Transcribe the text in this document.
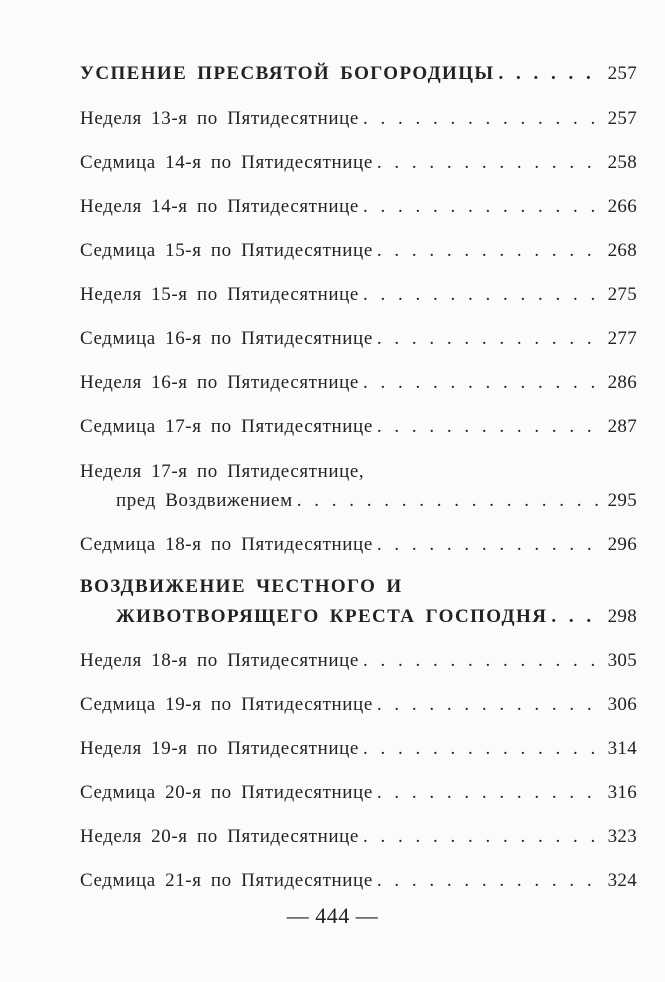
УСПЕНИЕ ПРЕСВЯТОЙ БОГОРОДИЦЫ . . .	257
Неделя 13-я по Пятидесятнице . . .	257
Седмица 14-я по Пятидесятнице . . .	258
Неделя 14-я по Пятидесятнице . . .	266
Седмица 15-я по Пятидесятнице . . .	268
Неделя 15-я по Пятидесятнице . . .	275
Седмица 16-я по Пятидесятнице . . .	277
Неделя 16-я по Пятидесятнице . . .	286
Седмица 17-я по Пятидесятнице . . .	287
Неделя 17-я по Пятидесятнице,
пред Воздвижением . . .	295
Седмица 18-я по Пятидесятнице . . .	296
ВОЗДВИЖЕНИЕ ЧЕСТНОГО И
ЖИВОТВОРЯЩЕГО КРЕСТА ГОСПОДНЯ . . .	298
Неделя 18-я по Пятидесятнице . . .	305
Седмица 19-я по Пятидесятнице . . .	306
Неделя 19-я по Пятидесятнице . . .	314
Седмица 20-я по Пятидесятнице . . .	316
Неделя 20-я по Пятидесятнице . . .	323
Седмица 21-я по Пятидесятнице . . .	324
— 444 —
